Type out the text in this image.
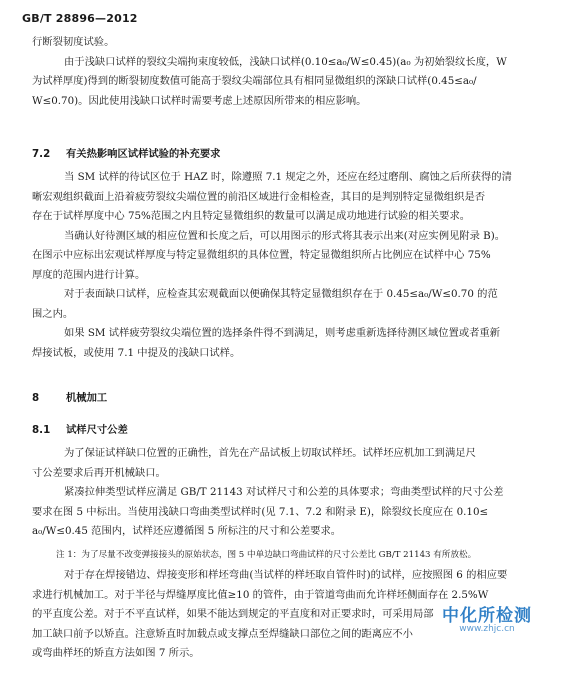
GB/T 28896—2012
行断裂韧度试验。
由于浅缺口试样的裂纹尖端拘束度较低，浅缺口试样(0.10≤a₀/W≤0.45)(a₀ 为初始裂纹长度，W
为试样厚度)得到的断裂韧度数值可能高于裂纹尖端部位具有相同显微组织的深缺口试样(0.45≤a₀/
W≤0.70)。因此使用浅缺口试样时需要考虑上述原因所带来的相应影响。
7.2 有关热影响区试样试验的补充要求
当 SM 试样的待试区位于 HAZ 时，除遵照 7.1 规定之外，还应在经过磨削、腐蚀之后所获得的清
晰宏观组织截面上沿着疲劳裂纹尖端位置的前沿区域进行金相检查，其目的是判别特定显微组织是否
存在于试样厚度中心 75%范围之内且特定显微组织的数量可以满足成功地进行试验的相关要求。
当确认好待测区域的相应位置和长度之后，可以用图示的形式将其表示出来(对应实例见附录 B)。
在图示中应标出宏观试样厚度与特定显微组织的具体位置，特定显微组织所占比例应在试样中心 75%
厚度的范围内进行计算。
对于表面缺口试样，应检查其宏观截面以便确保其特定显微组织存在于 0.45≤a₀/W≤0.70 的范
围之内。
如果 SM 试样疲劳裂纹尖端位置的选择条件得不到满足，则考虑重新选择待测区域位置或者重新
焊接试板，或使用 7.1 中提及的浅缺口试样。
8	机械加工
8.1 试样尺寸公差
为了保证试样缺口位置的正确性，首先在产品试板上切取试样坯。试样坯应机加工到满足尺
寸公差要求后再开机械缺口。
紧凑拉伸类型试样应满足 GB/T 21143 对试样尺寸和公差的具体要求；弯曲类型试样的尺寸公差
要求在图 5 中标出。当使用浅缺口弯曲类型试样时(见 7.1、7.2 和附录 E)，除裂纹长度应在 0.10≤
a₀/W≤0.45 范围内，试样还应遵循图 5 所标注的尺寸和公差要求。
注 1：为了尽量不改变弹接接头的原始状态，图 5 中单边缺口弯曲试样的尺寸公差比 GB/T 21143 有所放松。
对于存在焊接错边、焊接变形和样坯弯曲(当试样的样坯取自管件时)的试样，应按照图 6 的相应要
求进行机械加工。对于半径与焊缝厚度比值≥10 的管件，由于管道弯曲而允许样坯侧面存在 2.5%W
的平直度公差。对于不平直试样，如果不能达到规定的平直度和对正要求时，可采用局部
加工缺口前予以矫直。注意矫直时加载点或支撑点至焊缝缺口部位之间的距离应不小
或弯曲样坯的矫直方法如图 7 所示。
中化所检测
www.zhjc.cn
